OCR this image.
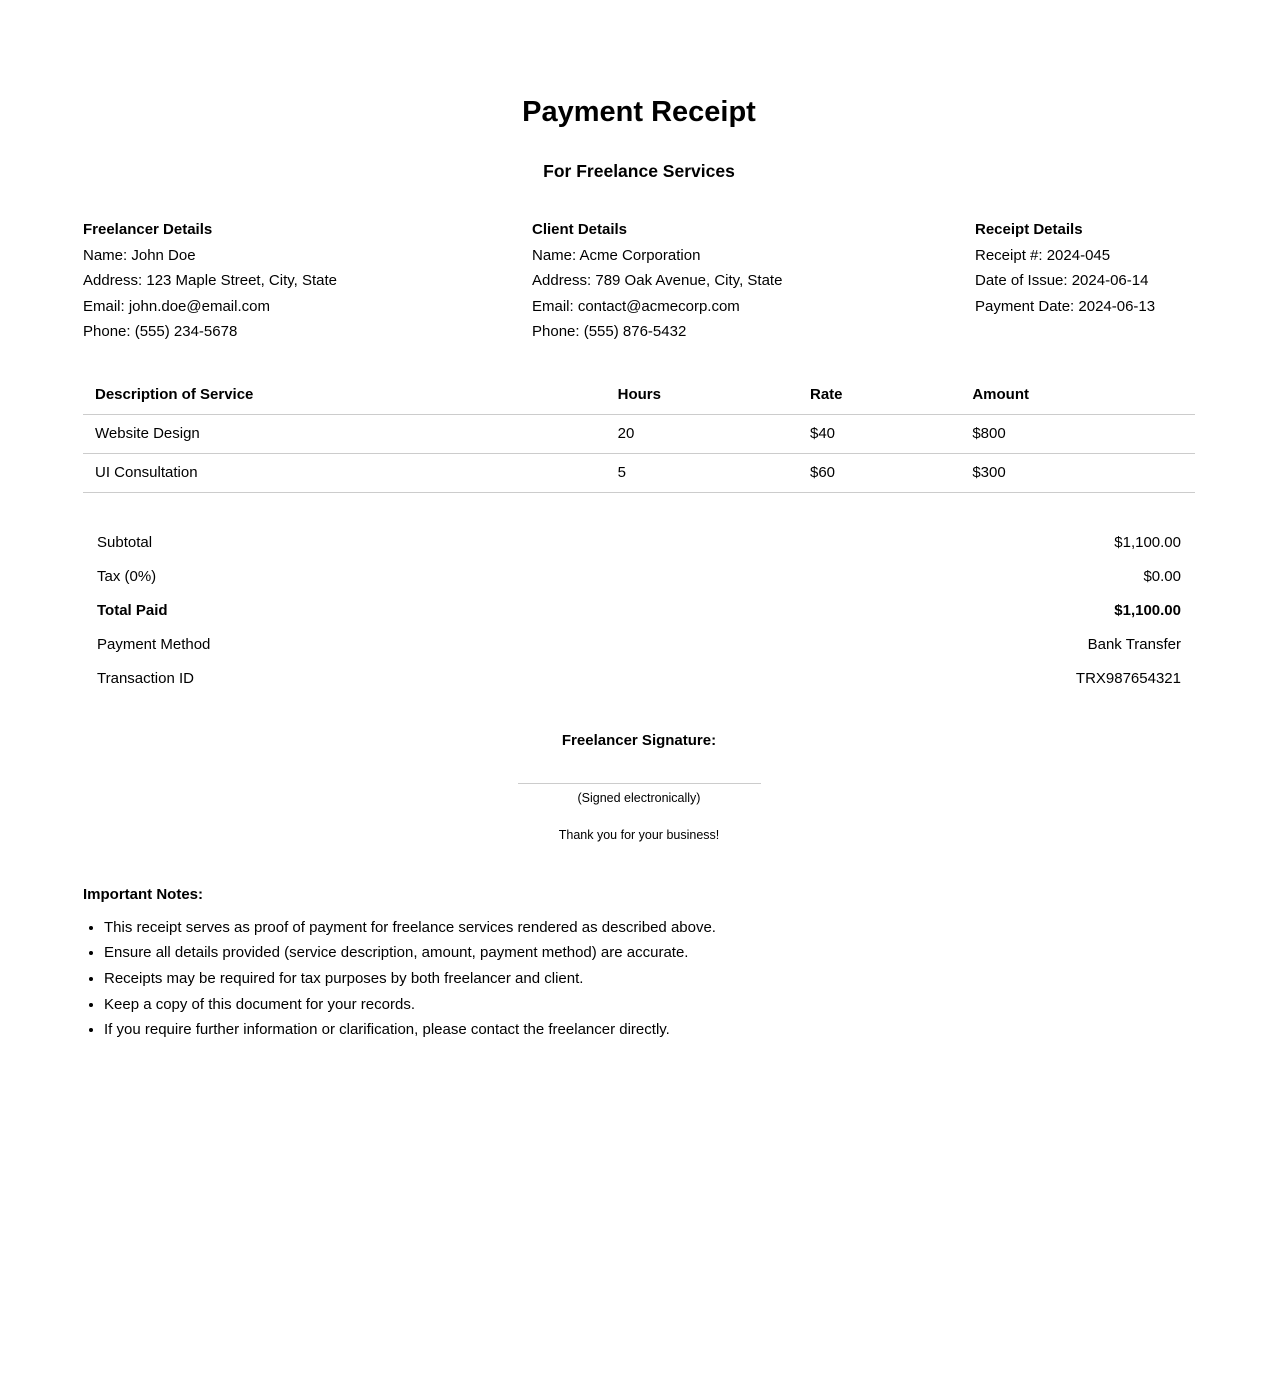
Payment Receipt
For Freelance Services
Freelancer Details

Name: John Doe

Address: 123 Maple Street, City, State

Email: john.doe@email.com

Phone: (555) 234-5678

Client Details

Name: Acme Corporation

Address: 789 Oak Avenue, City, State

Email: contact@acmecorp.com

Phone: (555) 876-5432

Receipt Details

Receipt #: 2024-045

Date of Issue: 2024-06-14

Payment Date: 2024-06-13

Description of Service	Hours	Rate	Amount
Website Design	20	$40	$800
UI Consultation	5	$60	$300
Subtotal	$1,100.00
Tax (0%)	$0.00
Total Paid	$1,100.00
Payment Method	Bank Transfer
Transaction ID	TRX987654321
Freelancer Signature:

(Signed electronically)

Thank you for your business!

Important Notes:
• This receipt serves as proof of payment for freelance services rendered as described above.
• Ensure all details provided (service description, amount, payment method) are accurate.
• Receipts may be required for tax purposes by both freelancer and client.
• Keep a copy of this document for your records.
• If you require further information or clarification, please contact the freelancer directly.
